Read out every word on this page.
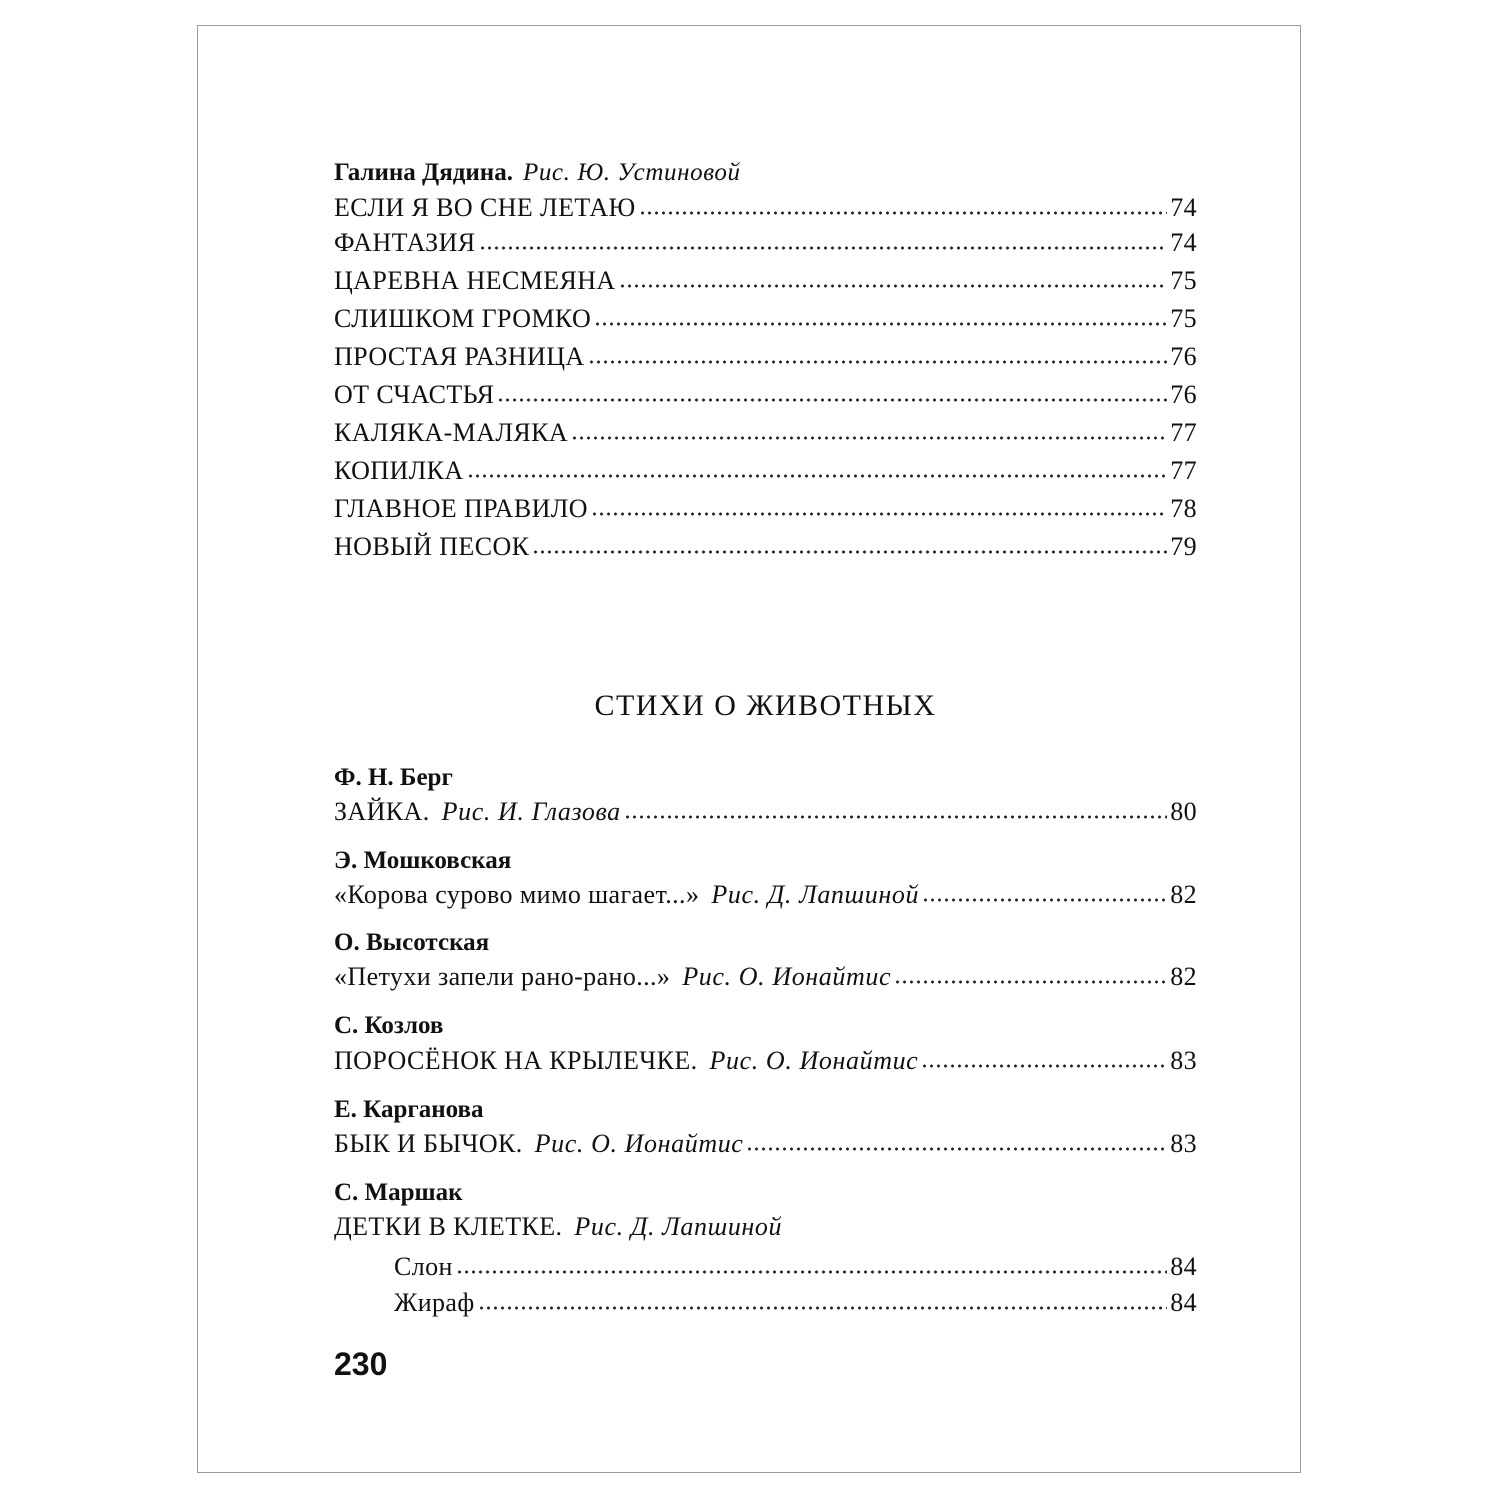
Галина Дядина. Рис. Ю. Устиновой
ЕСЛИ Я ВО СНЕ ЛЕТАЮ	74
ФАНТАЗИЯ	74
ЦАРЕВНА НЕСМЕЯНА	75
СЛИШКОМ ГРОМКО	75
ПРОСТАЯ РАЗНИЦА	76
ОТ СЧАСТЬЯ	76
КАЛЯКА-МАЛЯКА	77
КОПИЛКА	77
ГЛАВНОЕ ПРАВИЛО	78
НОВЫЙ ПЕСОК	79
СТИХИ О ЖИВОТНЫХ
Ф. Н. Берг
ЗАЙКА. Рис. И. Глазова	80
Э. Мошковская
«Корова сурово мимо шагает...» Рис. Д. Лапшиной	82
О. Высотская
«Петухи запели рано-рано...» Рис. О. Ионайтис	82
С. Козлов
ПОРОСЁНОК НА КРЫЛЕЧКЕ. Рис. О. Ионайтис	83
Е. Карганова
БЫК И БЫЧОК. Рис. О. Ионайтис	83
С. Маршак
ДЕТКИ В КЛЕТКЕ. Рис. Д. Лапшиной
Слон	84
Жираф	84
230
